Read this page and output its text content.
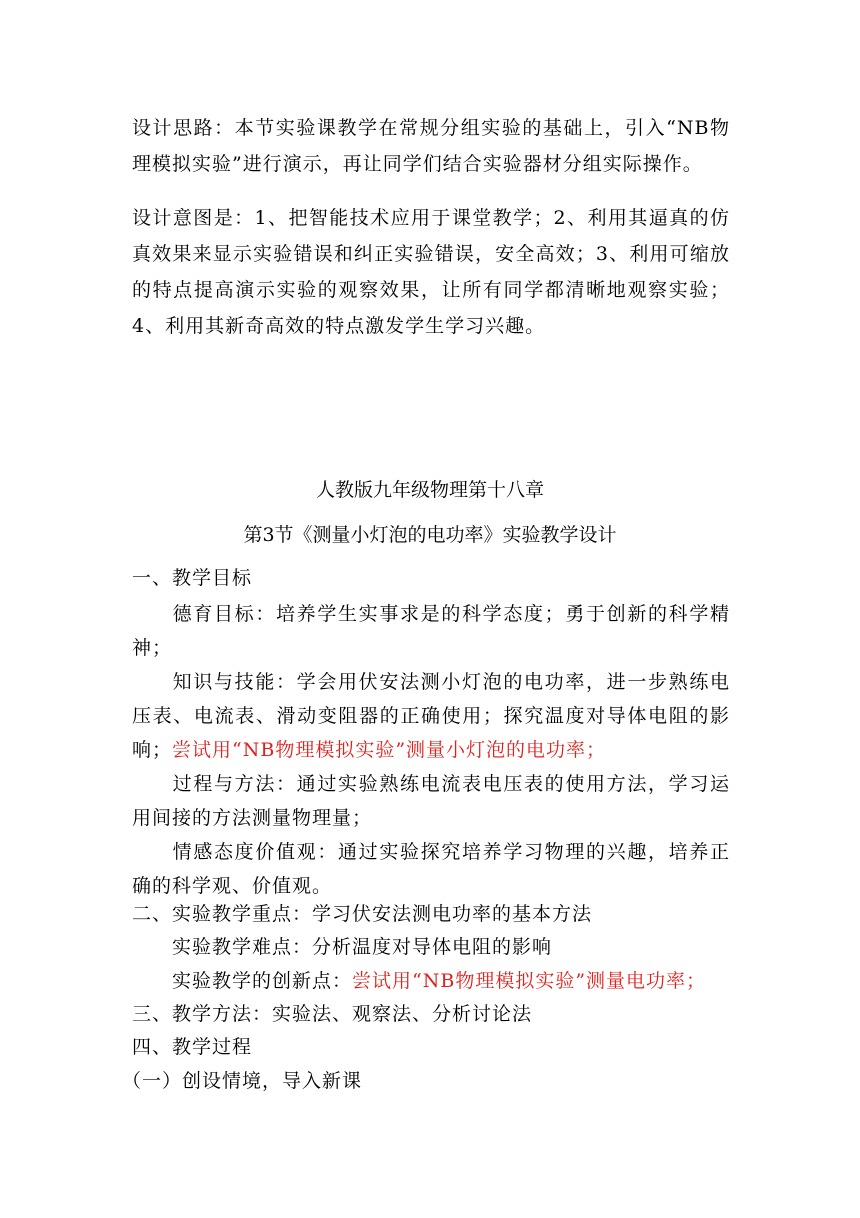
设计思路：本节实验课教学在常规分组实验的基础上，引入“NB物理模拟实验”进行演示，再让同学们结合实验器材分组实际操作。

设计意图是：1、把智能技术应用于课堂教学；2、利用其逼真的仿真效果来显示实验错误和纠正实验错误，安全高效；3、利用可缩放的特点提高演示实验的观察效果，让所有同学都清晰地观察实验；4、利用其新奇高效的特点激发学生学习兴趣。

人教版九年级物理第十八章
第3节《测量小灯泡的电功率》实验教学设计
一、教学目标
德育目标：培养学生实事求是的科学态度；勇于创新的科学精神；
知识与技能：学会用伏安法测小灯泡的电功率，进一步熟练电压表、电流表、滑动变阻器的正确使用；探究温度对导体电阻的影响；尝试用“NB物理模拟实验”测量小灯泡的电功率；
过程与方法：通过实验熟练电流表电压表的使用方法，学习运用间接的方法测量物理量；
情感态度价值观：通过实验探究培养学习物理的兴趣，培养正确的科学观、价值观。
二、实验教学重点：学习伏安法测电功率的基本方法
实验教学难点：分析温度对导体电阻的影响
实验教学的创新点：尝试用“NB物理模拟实验”测量电功率；
三、教学方法：实验法、观察法、分析讨论法
四、教学过程
（一）创设情境，导入新课
